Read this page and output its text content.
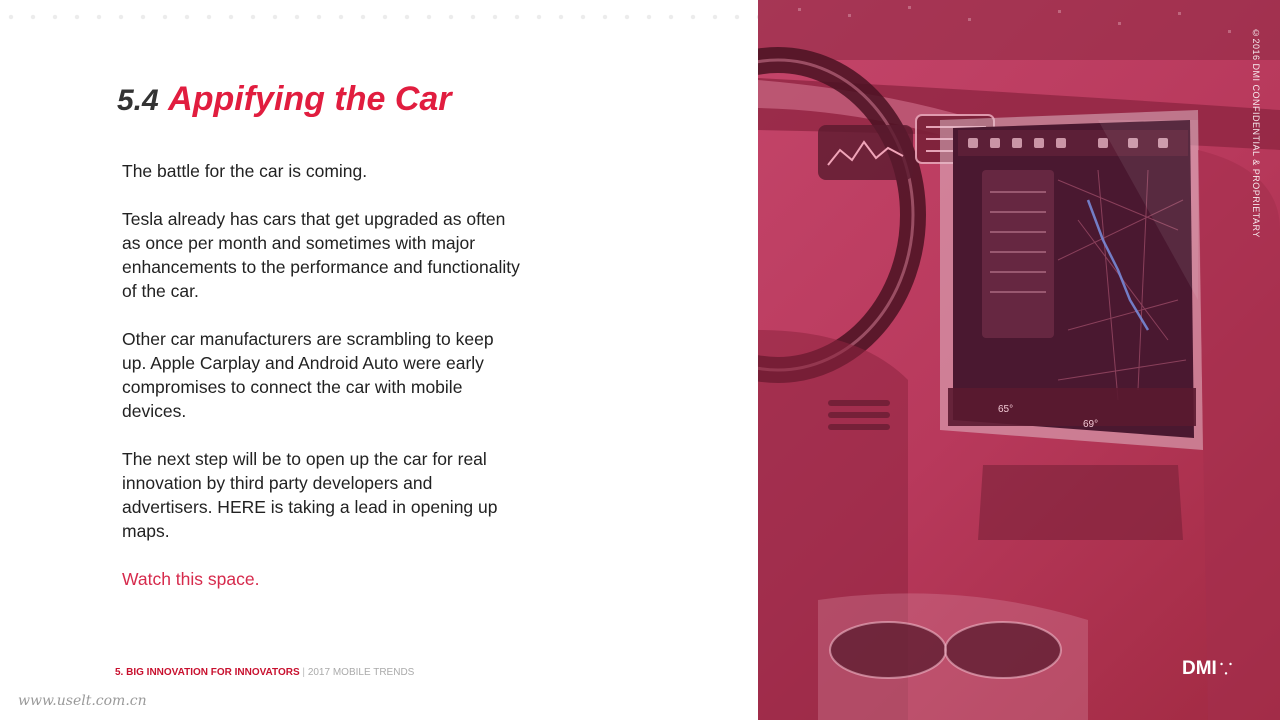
5.4 Appifying the Car

The battle for the car is coming.

Tesla already has cars that get upgraded as often as once per month and sometimes with major enhancements to the performance and functionality of the car.

Other car manufacturers are scrambling to keep up. Apple Carplay and Android Auto were early compromises to connect the car with mobile devices.

The next step will be to open up the car for real innovation by third party developers and advertisers. HERE is taking a lead in opening up maps.

Watch this space.

5. BIG INNOVATION FOR INNOVATORS | 2017 MOBILE TRENDS
www.uselt.com.cn
65°
69°
©2016 DMI CONFIDENTIAL & PROPRIETARY
DMI ⸪
